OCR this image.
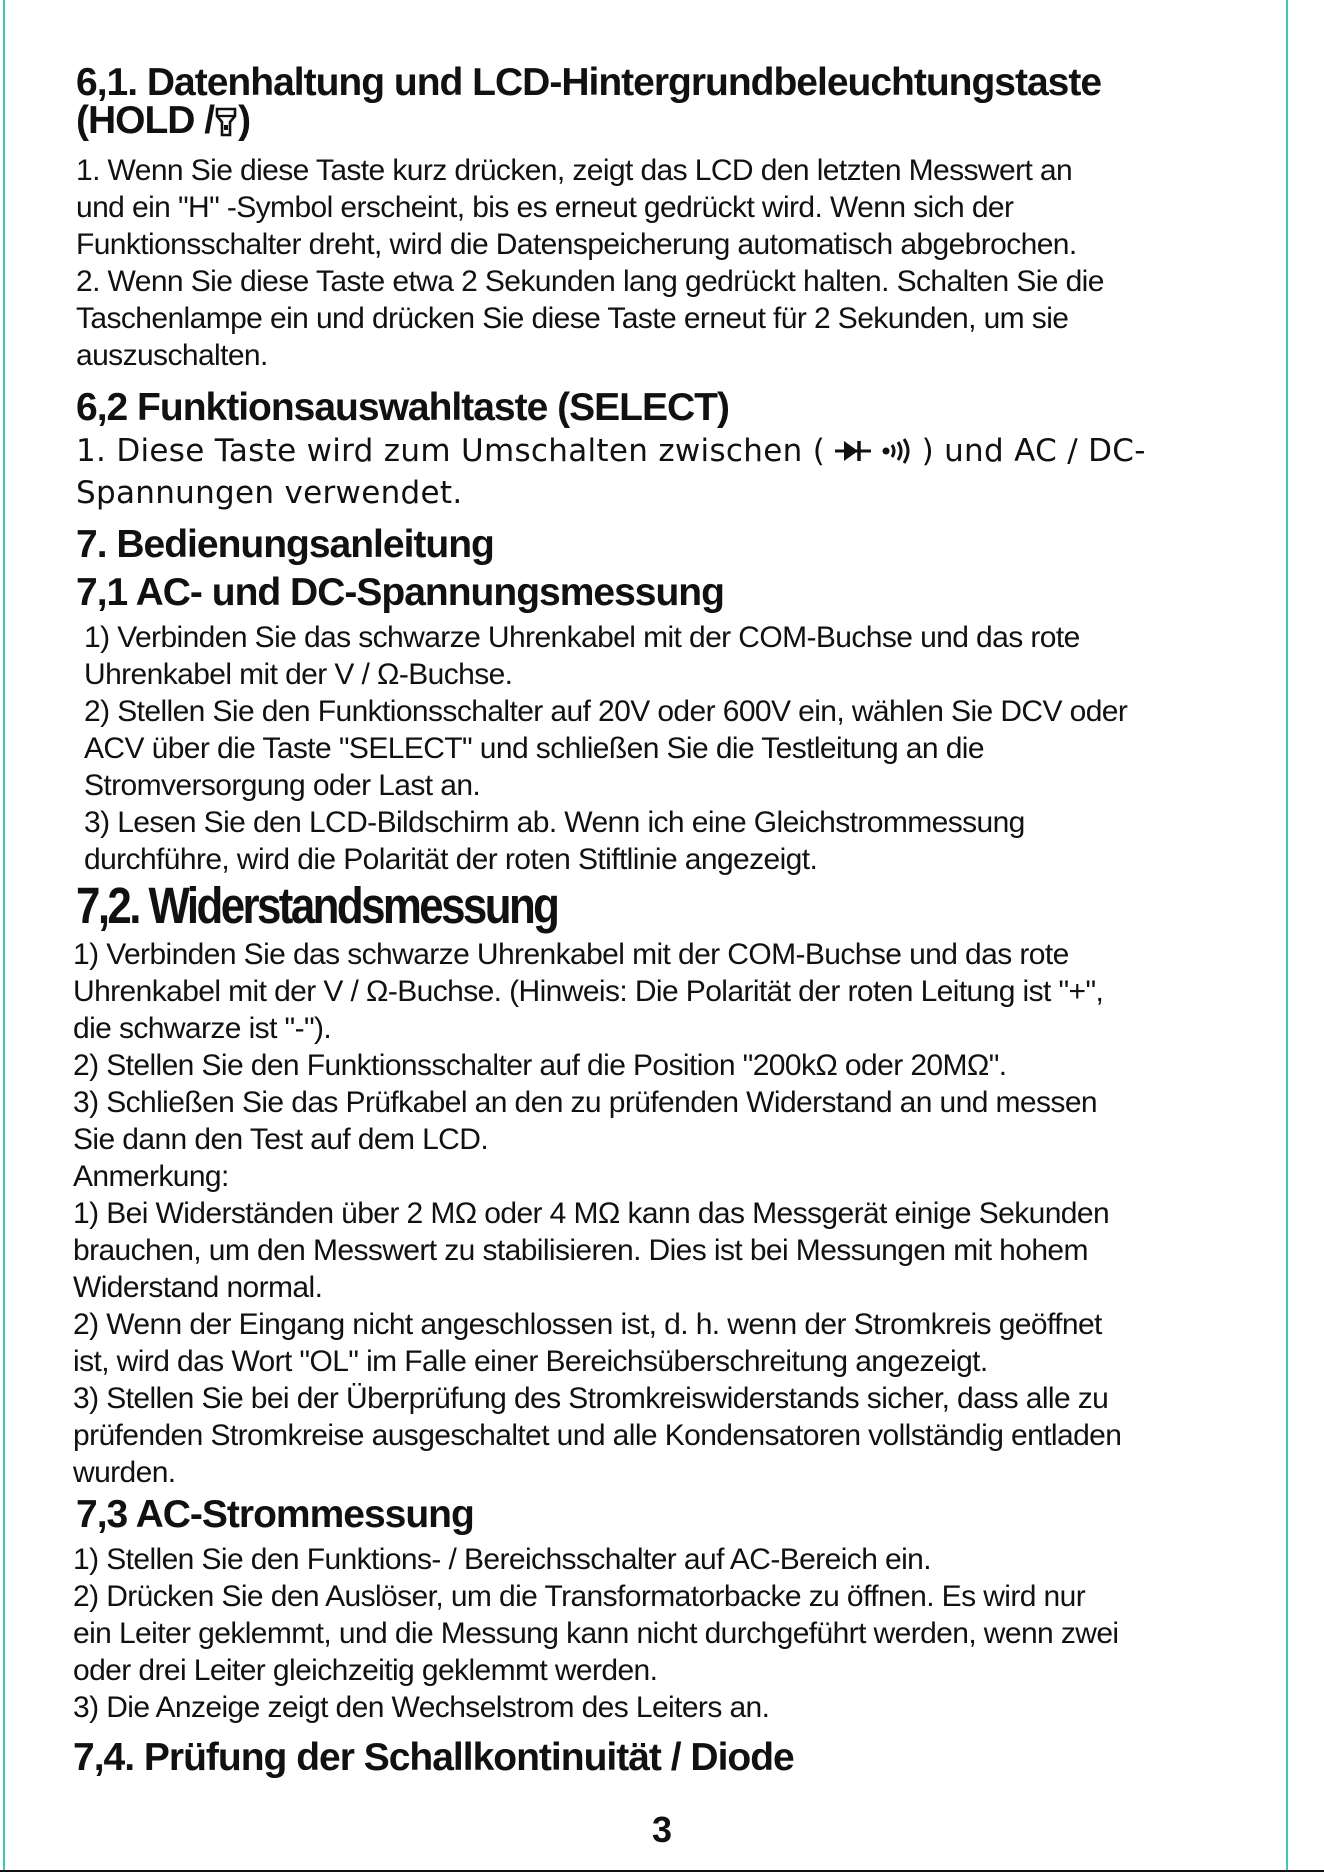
6,1. Datenhaltung und LCD-Hintergrundbeleuchtungstaste
(HOLD / )

1. Wenn Sie diese Taste kurz drücken, zeigt das LCD den letzten Messwert an

und ein "H" -Symbol erscheint, bis es erneut gedrückt wird. Wenn sich der

Funktionsschalter dreht, wird die Datenspeicherung automatisch abgebrochen.

2. Wenn Sie diese Taste etwa 2 Sekunden lang gedrückt halten. Schalten Sie die

Taschenlampe ein und drücken Sie diese Taste erneut für 2 Sekunden, um sie

auszuschalten.

6,2 Funktionsauswahltaste (SELECT)

1. Diese Taste wird zum Umschalten zwischen (	) und AC / DC-

Spannungen verwendet.

7. Bedienungsanleitung
7,1 AC- und DC-Spannungsmessung

1) Verbinden Sie das schwarze Uhrenkabel mit der COM-Buchse und das rote

Uhrenkabel mit der V / Ω-Buchse.

2) Stellen Sie den Funktionsschalter auf 20V oder 600V ein, wählen Sie DCV oder

ACV über die Taste "SELECT" und schließen Sie die Testleitung an die

Stromversorgung oder Last an.

3) Lesen Sie den LCD-Bildschirm ab. Wenn ich eine Gleichstrommessung

durchführe, wird die Polarität der roten Stiftlinie angezeigt.

7,2. Widerstandsmessung

1) Verbinden Sie das schwarze Uhrenkabel mit der COM-Buchse und das rote

Uhrenkabel mit der V / Ω-Buchse. (Hinweis: Die Polarität der roten Leitung ist "+",

die schwarze ist "-").

2) Stellen Sie den Funktionsschalter auf die Position "200kΩ oder 20MΩ".

3) Schließen Sie das Prüfkabel an den zu prüfenden Widerstand an und messen

Sie dann den Test auf dem LCD.

Anmerkung:

1) Bei Widerständen über 2 MΩ oder 4 MΩ kann das Messgerät einige Sekunden

brauchen, um den Messwert zu stabilisieren. Dies ist bei Messungen mit hohem

Widerstand normal.

2) Wenn der Eingang nicht angeschlossen ist, d. h. wenn der Stromkreis geöffnet

ist, wird das Wort "OL" im Falle einer Bereichsüberschreitung angezeigt.

3) Stellen Sie bei der Überprüfung des Stromkreiswiderstands sicher, dass alle zu

prüfenden Stromkreise ausgeschaltet und alle Kondensatoren vollständig entladen

wurden.

7,3 AC-Strommessung

1) Stellen Sie den Funktions- / Bereichsschalter auf AC-Bereich ein.

2) Drücken Sie den Auslöser, um die Transformatorbacke zu öffnen. Es wird nur

ein Leiter geklemmt, und die Messung kann nicht durchgeführt werden, wenn zwei

oder drei Leiter gleichzeitig geklemmt werden.

3) Die Anzeige zeigt den Wechselstrom des Leiters an.

7,4. Prüfung der Schallkontinuität / Diode
3
